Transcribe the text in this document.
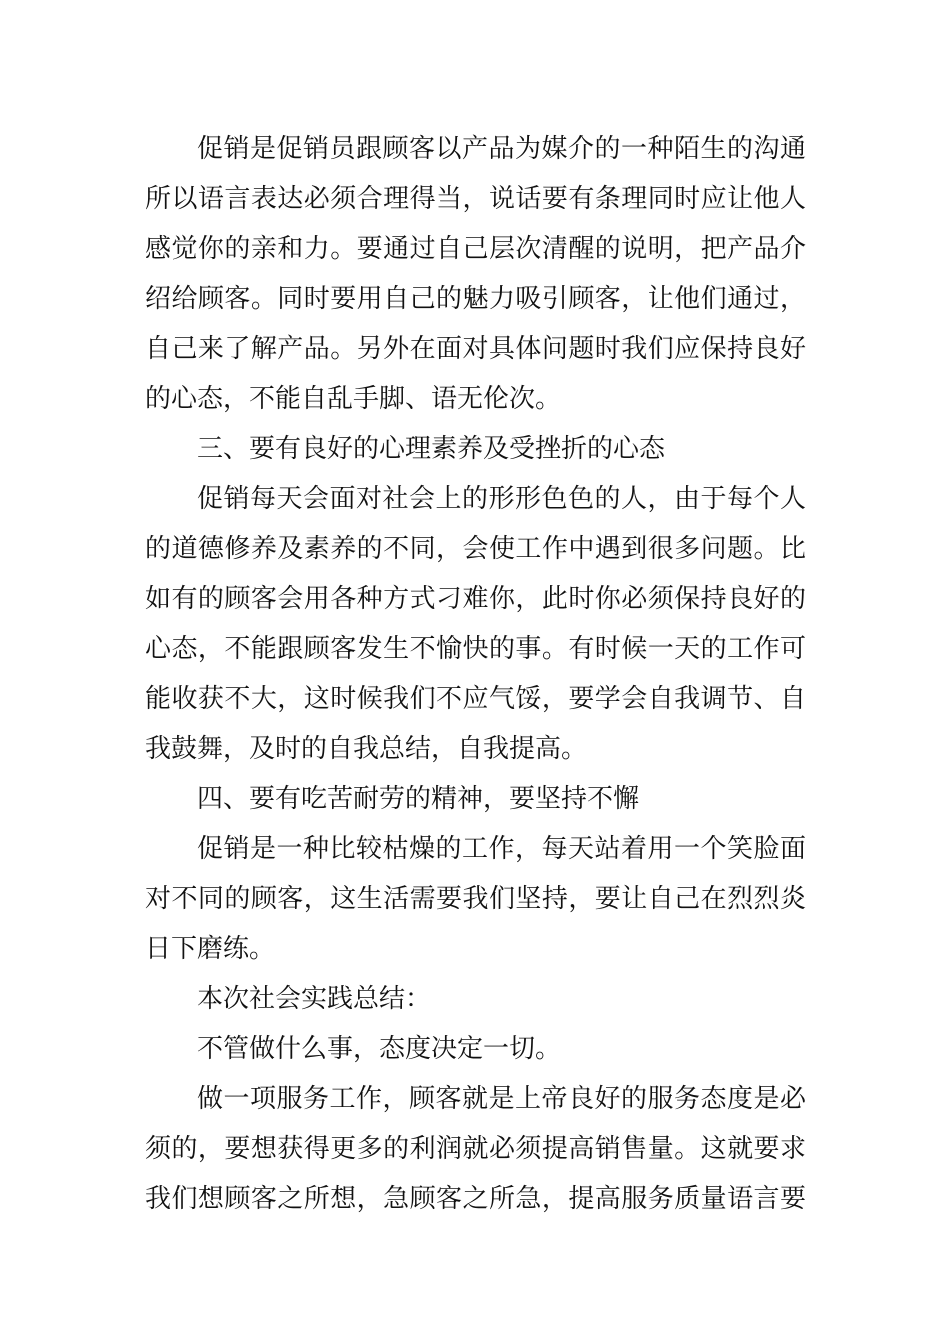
促销是促销员跟顾客以产品为媒介的一种陌生的沟通
所以语言表达必须合理得当，说话要有条理同时应让他人
感觉你的亲和力。要通过自己层次清醒的说明，把产品介
绍给顾客。同时要用自己的魅力吸引顾客，让他们通过，
自己来了解产品。另外在面对具体问题时我们应保持良好
的心态，不能自乱手脚、语无伦次。
三、要有良好的心理素养及受挫折的心态
促销每天会面对社会上的形形色色的人，由于每个人
的道德修养及素养的不同，会使工作中遇到很多问题。比
如有的顾客会用各种方式刁难你，此时你必须保持良好的
心态，不能跟顾客发生不愉快的事。有时候一天的工作可
能收获不大，这时候我们不应气馁，要学会自我调节、自
我鼓舞，及时的自我总结，自我提高。
四、要有吃苦耐劳的精神，要坚持不懈
促销是一种比较枯燥的工作，每天站着用一个笑脸面
对不同的顾客，这生活需要我们坚持，要让自己在烈烈炎
日下磨练。
本次社会实践总结：
不管做什么事，态度决定一切。
做一项服务工作，顾客就是上帝良好的服务态度是必
须的，要想获得更多的利润就必须提高销售量。这就要求
我们想顾客之所想，急顾客之所急，提高服务质量语言要
